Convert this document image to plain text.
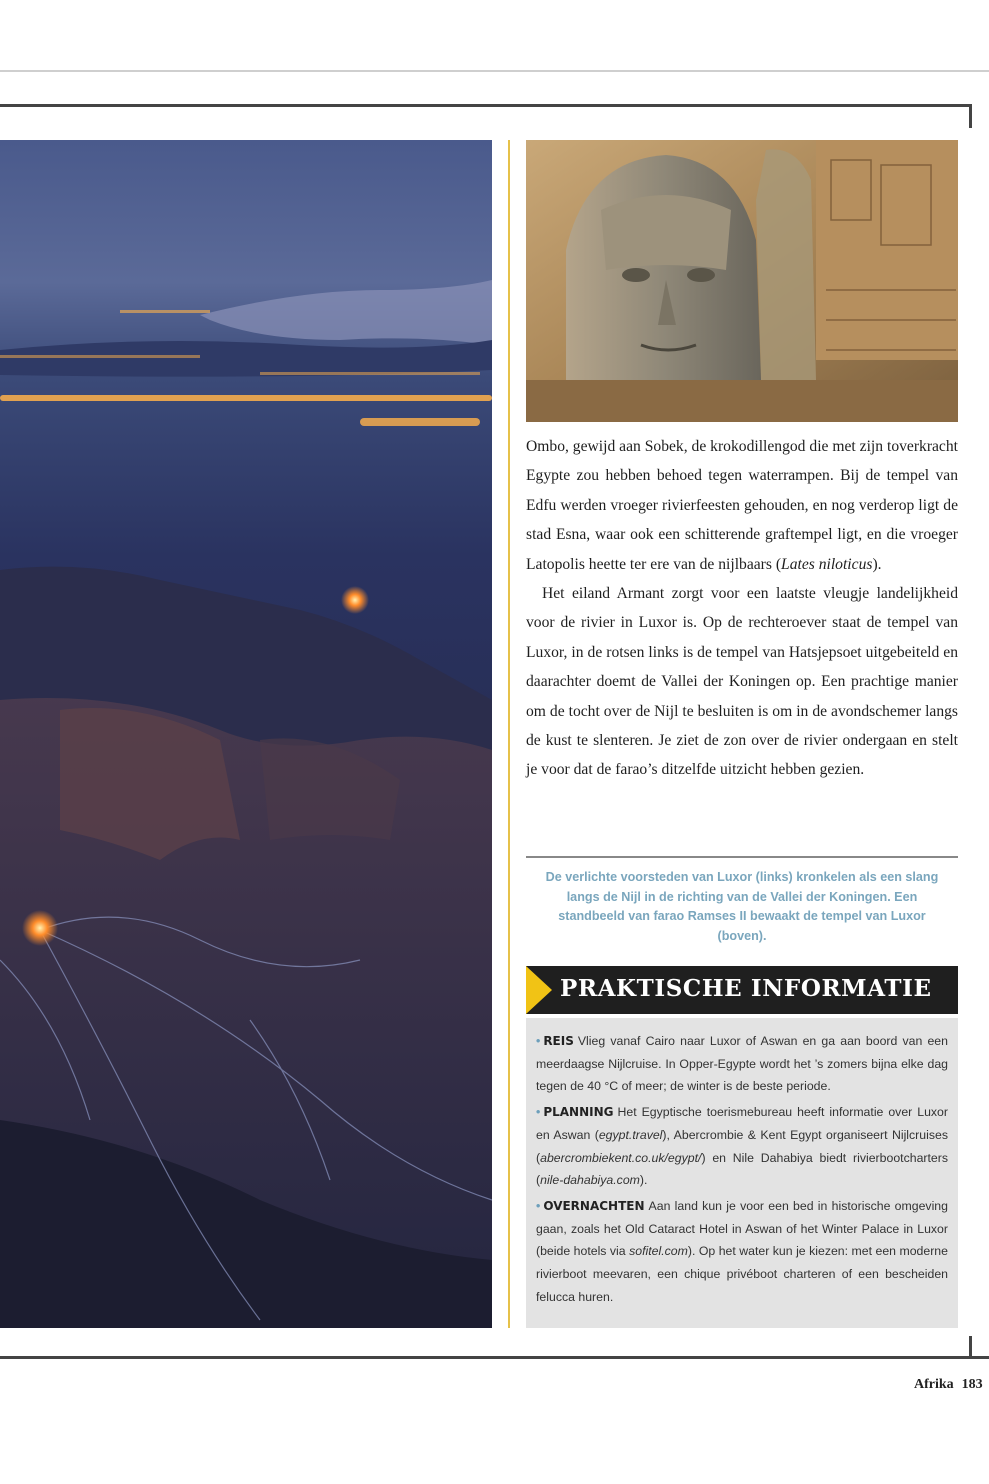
Ombo, gewijd aan Sobek, de krokodillengod die met zijn toverkracht Egypte zou hebben behoed tegen waterrampen. Bij de tempel van Edfu werden vroeger rivierfeesten gehouden, en nog verderop ligt de stad Esna, waar ook een schitterende graftempel ligt, en die vroeger Latopolis heette ter ere van de nijlbaars (Lates niloticus).

Het eiland Armant zorgt voor een laatste vleugje landelijkheid voor de rivier in Luxor is. Op de rechteroever staat de tempel van Luxor, in de rotsen links is de tempel van Hatsjepsoet uitgebeiteld en daarachter doemt de Vallei der Koningen op. Een prachtige manier om de tocht over de Nijl te besluiten is om in de avondschemer langs de kust te slenteren. Je ziet de zon over de rivier ondergaan en stelt je voor dat de farao’s ditzelfde uitzicht hebben gezien.

De verlichte voorsteden van Luxor (links) kronkelen als een slang langs de Nijl in de richting van de Vallei der Koningen. Een standbeeld van farao Ramses II bewaakt de tempel van Luxor (boven).
PRAKTISCHE INFORMATIE

• REIS Vlieg vanaf Cairo naar Luxor of Aswan en ga aan boord van een meerdaagse Nijlcruise. In Opper-Egypte wordt het ’s zomers bijna elke dag tegen de 40 °C of meer; de winter is de beste periode.

• PLANNING Het Egyptische toerismebureau heeft informatie over Luxor en Aswan (egypt.travel), Abercrombie & Kent Egypt organiseert Nijlcruises (abercrombiekent.co.uk/egypt/) en Nile Dahabiya biedt rivierbootcharters (nile-dahabiya.com).

• OVERNACHTEN Aan land kun je voor een bed in historische omgeving gaan, zoals het Old Cataract Hotel in Aswan of het Winter Palace in Luxor (beide hotels via sofitel.com). Op het water kun je kiezen: met een moderne rivierboot meevaren, een chique privéboot charteren of een bescheiden felucca huren.

Afrika 183
